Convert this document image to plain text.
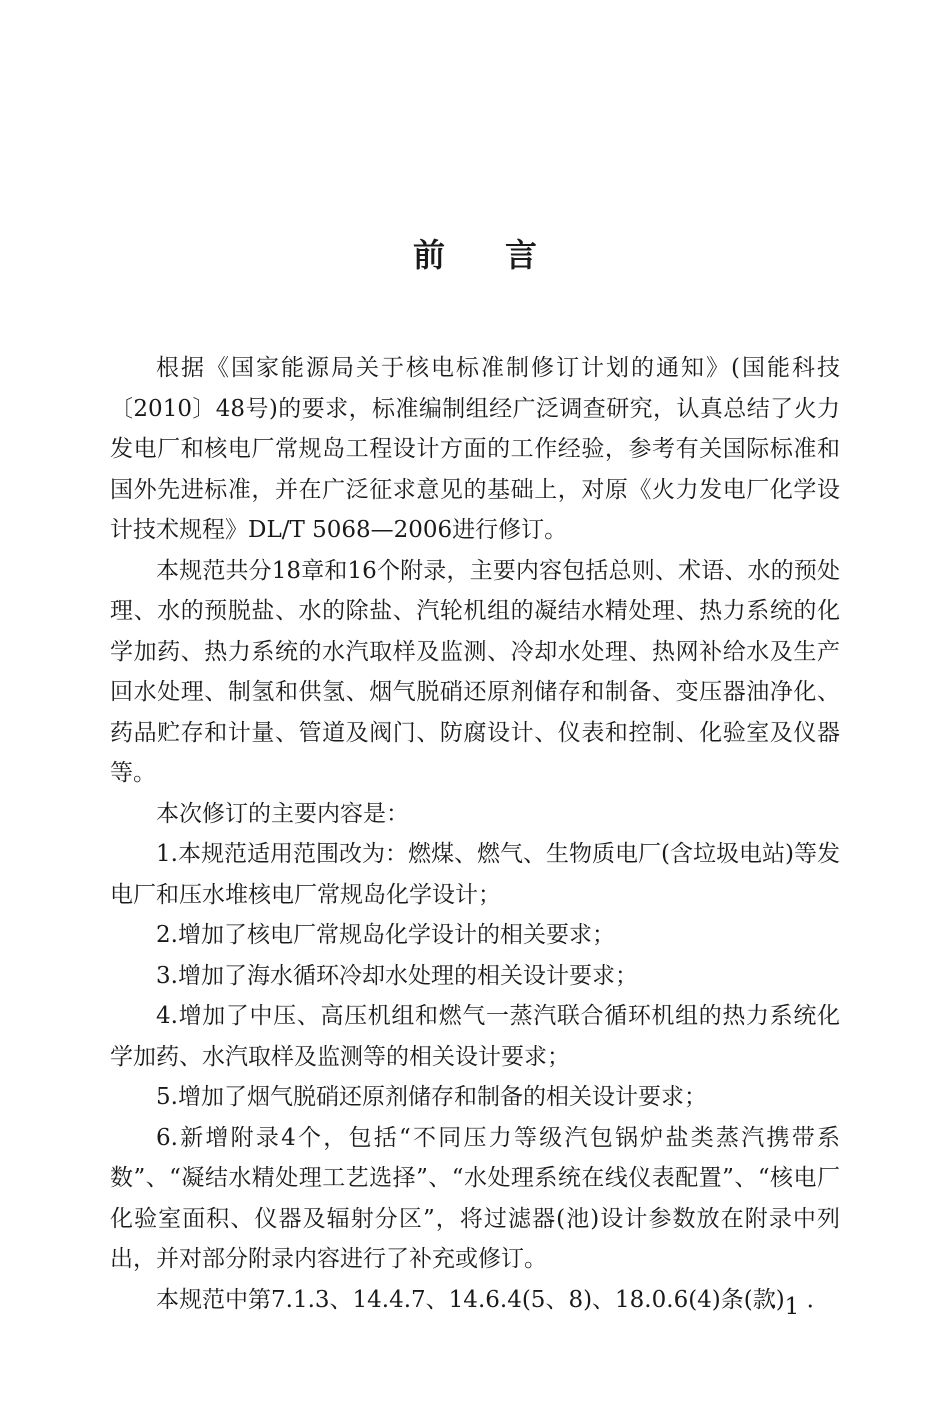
前 言

根据《国家能源局关于核电标准制修订计划的通知》(国能科技〔2010〕48号)的要求，标准编制组经广泛调查研究，认真总结了火力发电厂和核电厂常规岛工程设计方面的工作经验，参考有关国际标准和国外先进标准，并在广泛征求意见的基础上，对原《火力发电厂化学设计技术规程》DL/T 5068—2006进行修订。

本规范共分18章和16个附录，主要内容包括总则、术语、水的预处理、水的预脱盐、水的除盐、汽轮机组的凝结水精处理、热力系统的化学加药、热力系统的水汽取样及监测、冷却水处理、热网补给水及生产回水处理、制氢和供氢、烟气脱硝还原剂储存和制备、变压器油净化、药品贮存和计量、管道及阀门、防腐设计、仪表和控制、化验室及仪器等。

本次修订的主要内容是：

1.本规范适用范围改为：燃煤、燃气、生物质电厂(含垃圾电站)等发电厂和压水堆核电厂常规岛化学设计；

2.增加了核电厂常规岛化学设计的相关要求；

3.增加了海水循环冷却水处理的相关设计要求；

4.增加了中压、高压机组和燃气一蒸汽联合循环机组的热力系统化学加药、水汽取样及监测等的相关设计要求；

5.增加了烟气脱硝还原剂储存和制备的相关设计要求；

6.新增附录4个，包括“不同压力等级汽包锅炉盐类蒸汽携带系数”、“凝结水精处理工艺选择”、“水处理系统在线仪表配置”、“核电厂化验室面积、仪器及辐射分区”，将过滤器(池)设计参数放在附录中列出，并对部分附录内容进行了补充或修订。

本规范中第7.1.3、14.4.7、14.6.4(5、8)、18.0.6(4)条(款)

· 1 ·
